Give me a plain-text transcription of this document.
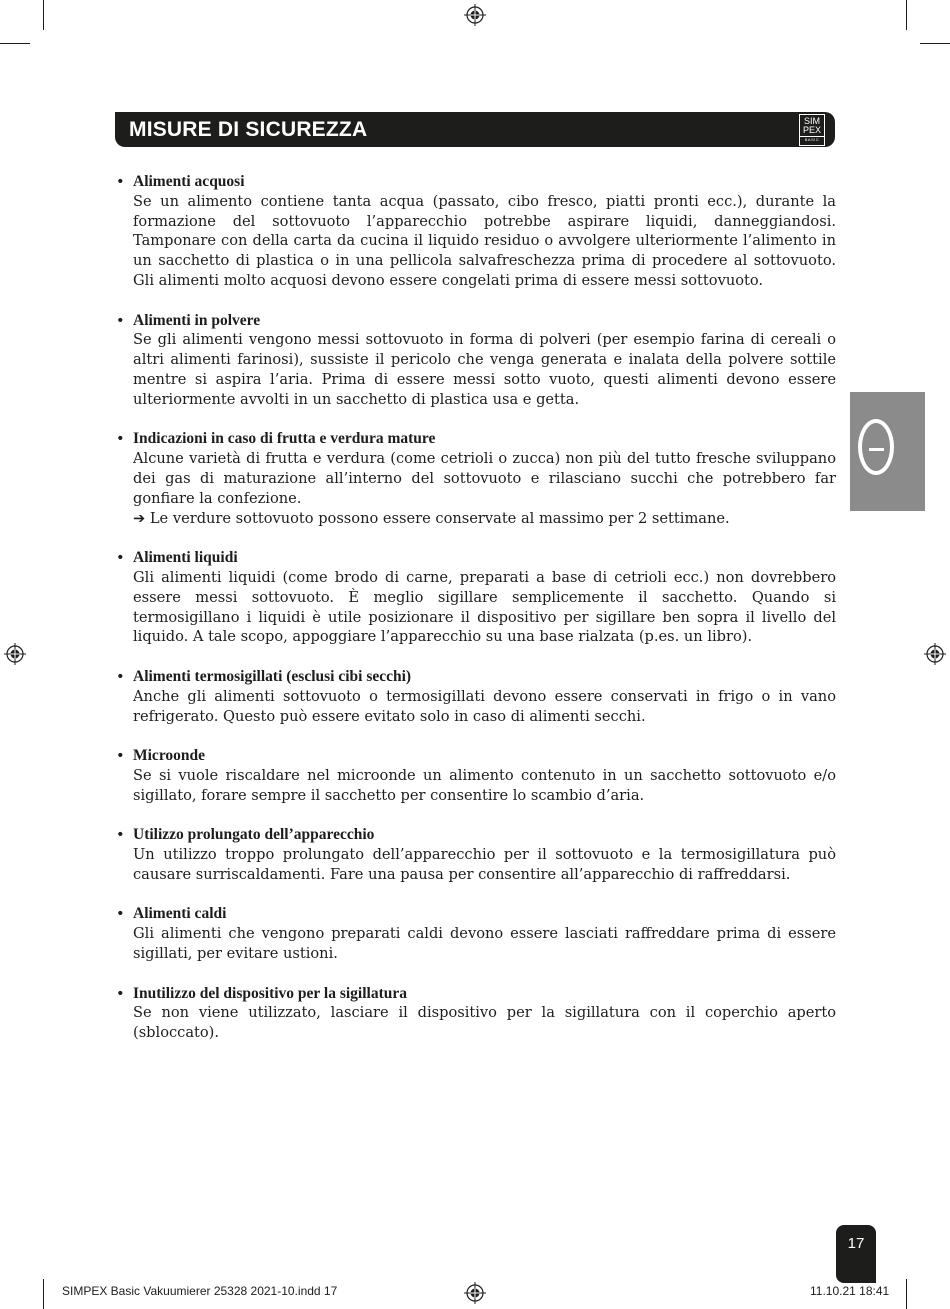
MISURE DI SICUREZZA	SIM
PEX
BASIC
• Alimenti acquosi
Se un alimento contiene tanta acqua (passato, cibo fresco, piatti pronti ecc.), durante la formazione del sottovuoto l’apparecchio potrebbe aspirare liquidi, danneggiandosi. Tamponare con della carta da cucina il liquido residuo o avvolgere ulteriormente l’alimento in un sacchetto di plastica o in una pellicola salvafreschezza prima di procedere al sottovuoto. Gli alimenti molto acquosi devono essere congelati prima di essere messi sottovuoto.
• Alimenti in polvere
Se gli alimenti vengono messi sottovuoto in forma di polveri (per esempio farina di cereali o altri alimenti farinosi), sussiste il pericolo che venga generata e inalata della polvere sottile mentre si aspira l’aria. Prima di essere messi sotto vuoto, questi alimenti devono essere ulteriormente avvolti in un sacchetto di plastica usa e getta.
• Indicazioni in caso di frutta e verdura mature
Alcune varietà di frutta e verdura (come cetrioli o zucca) non più del tutto fresche sviluppano dei gas di maturazione all’interno del sottovuoto e rilasciano succhi che potrebbero far gonfiare la confezione.
➔ Le verdure sottovuoto possono essere conservate al massimo per 2 settimane.
• Alimenti liquidi
Gli alimenti liquidi (come brodo di carne, preparati a base di cetrioli ecc.) non dovrebbero essere messi sottovuoto. È meglio sigillare semplicemente il sacchetto. Quando si termosigillano i liquidi è utile posizionare il dispositivo per sigillare ben sopra il livello del liquido. A tale scopo, appoggiare l’apparecchio su una base rialzata (p.es. un libro).
• Alimenti termosigillati (esclusi cibi secchi)
Anche gli alimenti sottovuoto o termosigillati devono essere conservati in frigo o in vano refrigerato. Questo può essere evitato solo in caso di alimenti secchi.
• Microonde
Se si vuole riscaldare nel microonde un alimento contenuto in un sacchetto sottovuoto e/o sigillato, forare sempre il sacchetto per consentire lo scambio d’aria.
• Utilizzo prolungato dell’apparecchio
Un utilizzo troppo prolungato dell’apparecchio per il sottovuoto e la termosigillatura può causare surriscaldamenti. Fare una pausa per consentire all’apparecchio di raffreddarsi.
• Alimenti caldi
Gli alimenti che vengono preparati caldi devono essere lasciati raffreddare prima di essere sigillati, per evitare ustioni.
• Inutilizzo del dispositivo per la sigillatura
Se non viene utilizzato, lasciare il dispositivo per la sigillatura con il coperchio aperto (sbloccato).
17
SIMPEX Basic Vakuumierer 25328 2021-10.indd 17	11.10.21 18:41
